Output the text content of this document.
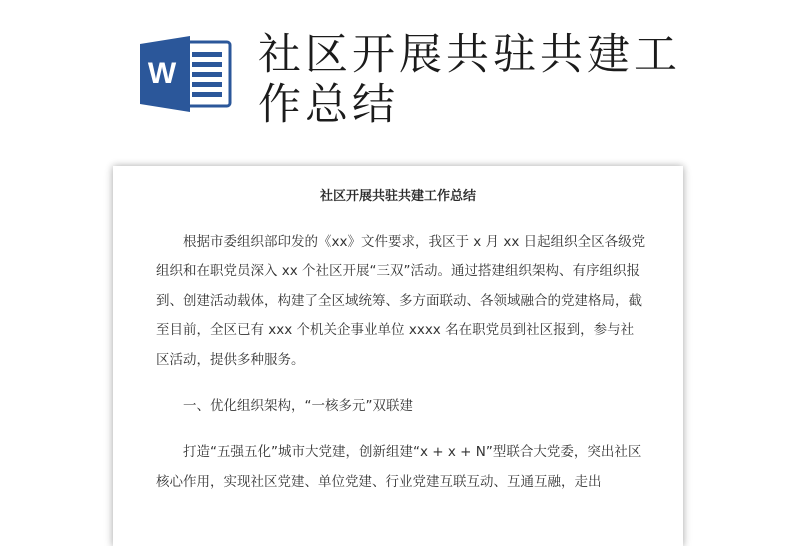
W 社区开展共驻共建工作总结
社区开展共驻共建工作总结

根据市委组织部印发的《xx》文件要求，我区于 x 月 xx 日起组织全区各级党组织和在职党员深入 xx 个社区开展“三双”活动。通过搭建组织架构、有序组织报到、创建活动载体，构建了全区域统筹、多方面联动、各领域融合的党建格局，截至目前，全区已有 xxx 个机关企事业单位 xxxx 名在职党员到社区报到，参与社区活动，提供多种服务。

一、优化组织架构，“一核多元”双联建

打造“五强五化”城市大党建，创新组建“x + x + N”型联合大党委，突出社区核心作用，实现社区党建、单位党建、行业党建互联互动、互通互融，走出
